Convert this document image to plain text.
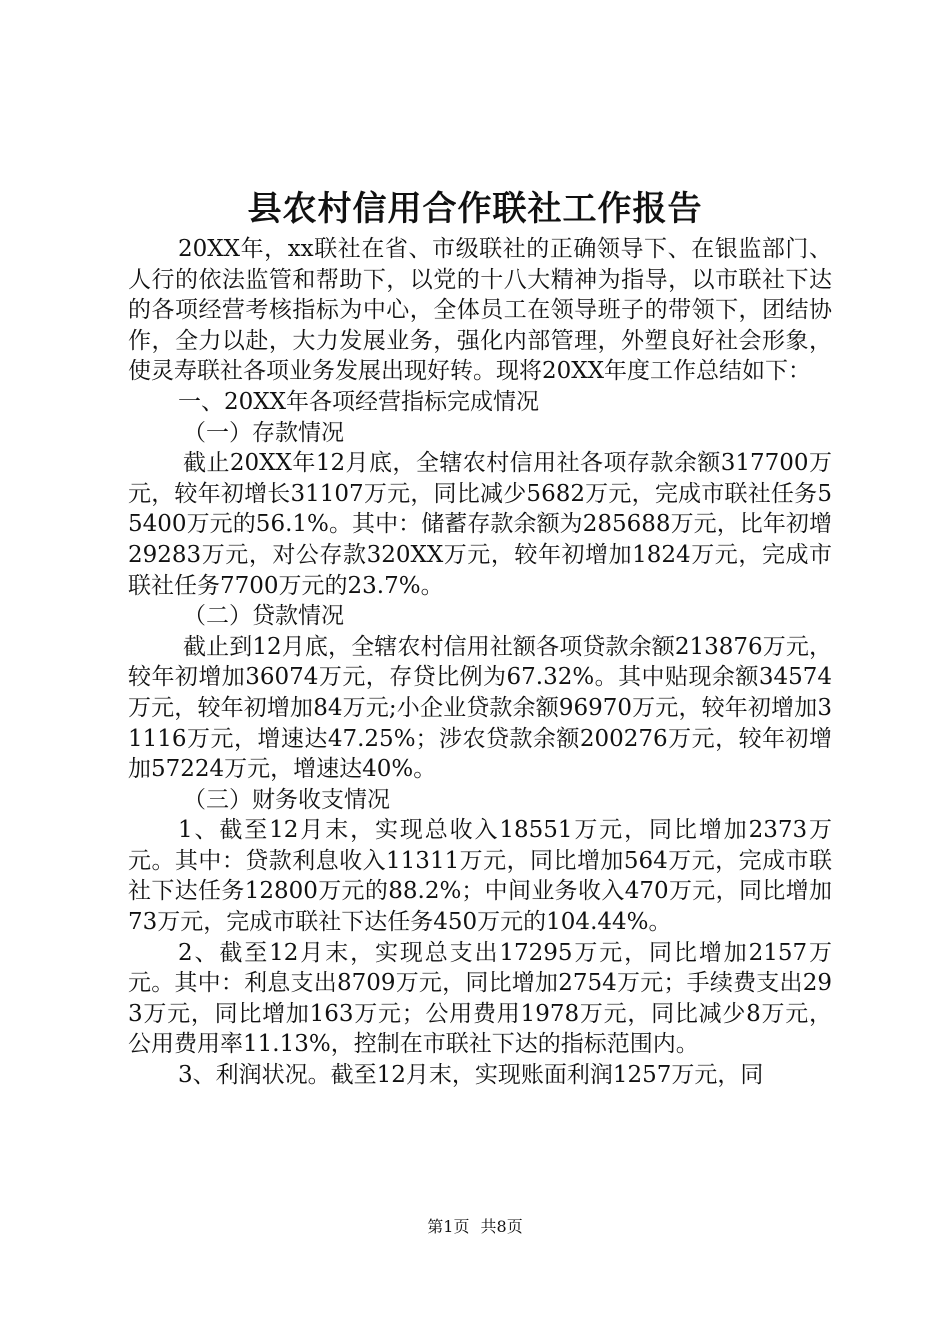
县农村信用合作联社工作报告

20XX年，xx联社在省、市级联社的正确领导下、在银监部门、人行的依法监管和帮助下，以党的十八大精神为指导，以市联社下达的各项经营考核指标为中心，全体员工在领导班子的带领下，团结协作，全力以赴，大力发展业务，强化内部管理，外塑良好社会形象，使灵寿联社各项业务发展出现好转。现将20XX年度工作总结如下：

一、20XX年各项经营指标完成情况

（一）存款情况

截止20XX年12月底，全辖农村信用社各项存款余额317700万元，较年初增长31107万元，同比减少5682万元，完成市联社任务55400万元的56.1%。其中：储蓄存款余额为285688万元，比年初增29283万元，对公存款320XX万元，较年初增加1824万元，完成市联社任务7700万元的23.7%。

（二）贷款情况

截止到12月底，全辖农村信用社额各项贷款余额213876万元，较年初增加36074万元，存贷比例为67.32%。其中贴现余额34574万元，较年初增加84万元;小企业贷款余额96970万元，较年初增加31116万元，增速达47.25%；涉农贷款余额200276万元，较年初增加57224万元，增速达40%。

（三）财务收支情况

1、截至12月末，实现总收入18551万元，同比增加2373万元。其中：贷款利息收入11311万元，同比增加564万元，完成市联社下达任务12800万元的88.2%；中间业务收入470万元，同比增加73万元，完成市联社下达任务450万元的104.44%。

2、截至12月末，实现总支出17295万元，同比增加2157万元。其中：利息支出8709万元，同比增加2754万元；手续费支出293万元，同比增加163万元；公用费用1978万元，同比减少8万元，公用费用率11.13%，控制在市联社下达的指标范围内。

3、利润状况。截至12月末，实现账面利润1257万元，同

第1页 共8页
